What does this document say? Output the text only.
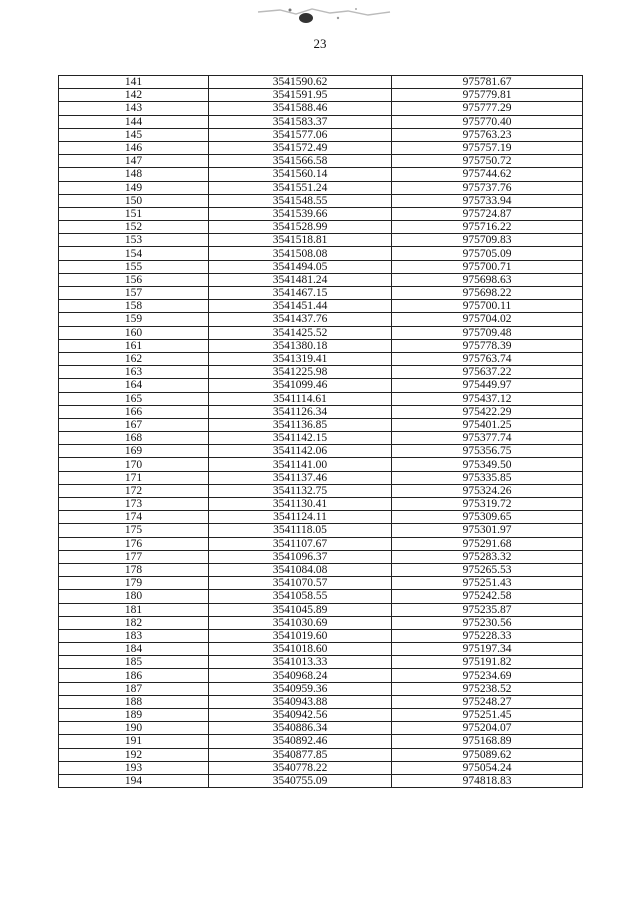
23
141	3541590.62	975781.67
142	3541591.95	975779.81
143	3541588.46	975777.29
144	3541583.37	975770.40
145	3541577.06	975763.23
146	3541572.49	975757.19
147	3541566.58	975750.72
148	3541560.14	975744.62
149	3541551.24	975737.76
150	3541548.55	975733.94
151	3541539.66	975724.87
152	3541528.99	975716.22
153	3541518.81	975709.83
154	3541508.08	975705.09
155	3541494.05	975700.71
156	3541481.24	975698.63
157	3541467.15	975698.22
158	3541451.44	975700.11
159	3541437.76	975704.02
160	3541425.52	975709.48
161	3541380.18	975778.39
162	3541319.41	975763.74
163	3541225.98	975637.22
164	3541099.46	975449.97
165	3541114.61	975437.12
166	3541126.34	975422.29
167	3541136.85	975401.25
168	3541142.15	975377.74
169	3541142.06	975356.75
170	3541141.00	975349.50
171	3541137.46	975335.85
172	3541132.75	975324.26
173	3541130.41	975319.72
174	3541124.11	975309.65
175	3541118.05	975301.97
176	3541107.67	975291.68
177	3541096.37	975283.32
178	3541084.08	975265.53
179	3541070.57	975251.43
180	3541058.55	975242.58
181	3541045.89	975235.87
182	3541030.69	975230.56
183	3541019.60	975228.33
184	3541018.60	975197.34
185	3541013.33	975191.82
186	3540968.24	975234.69
187	3540959.36	975238.52
188	3540943.88	975248.27
189	3540942.56	975251.45
190	3540886.34	975204.07
191	3540892.46	975168.89
192	3540877.85	975089.62
193	3540778.22	975054.24
194	3540755.09	974818.83
